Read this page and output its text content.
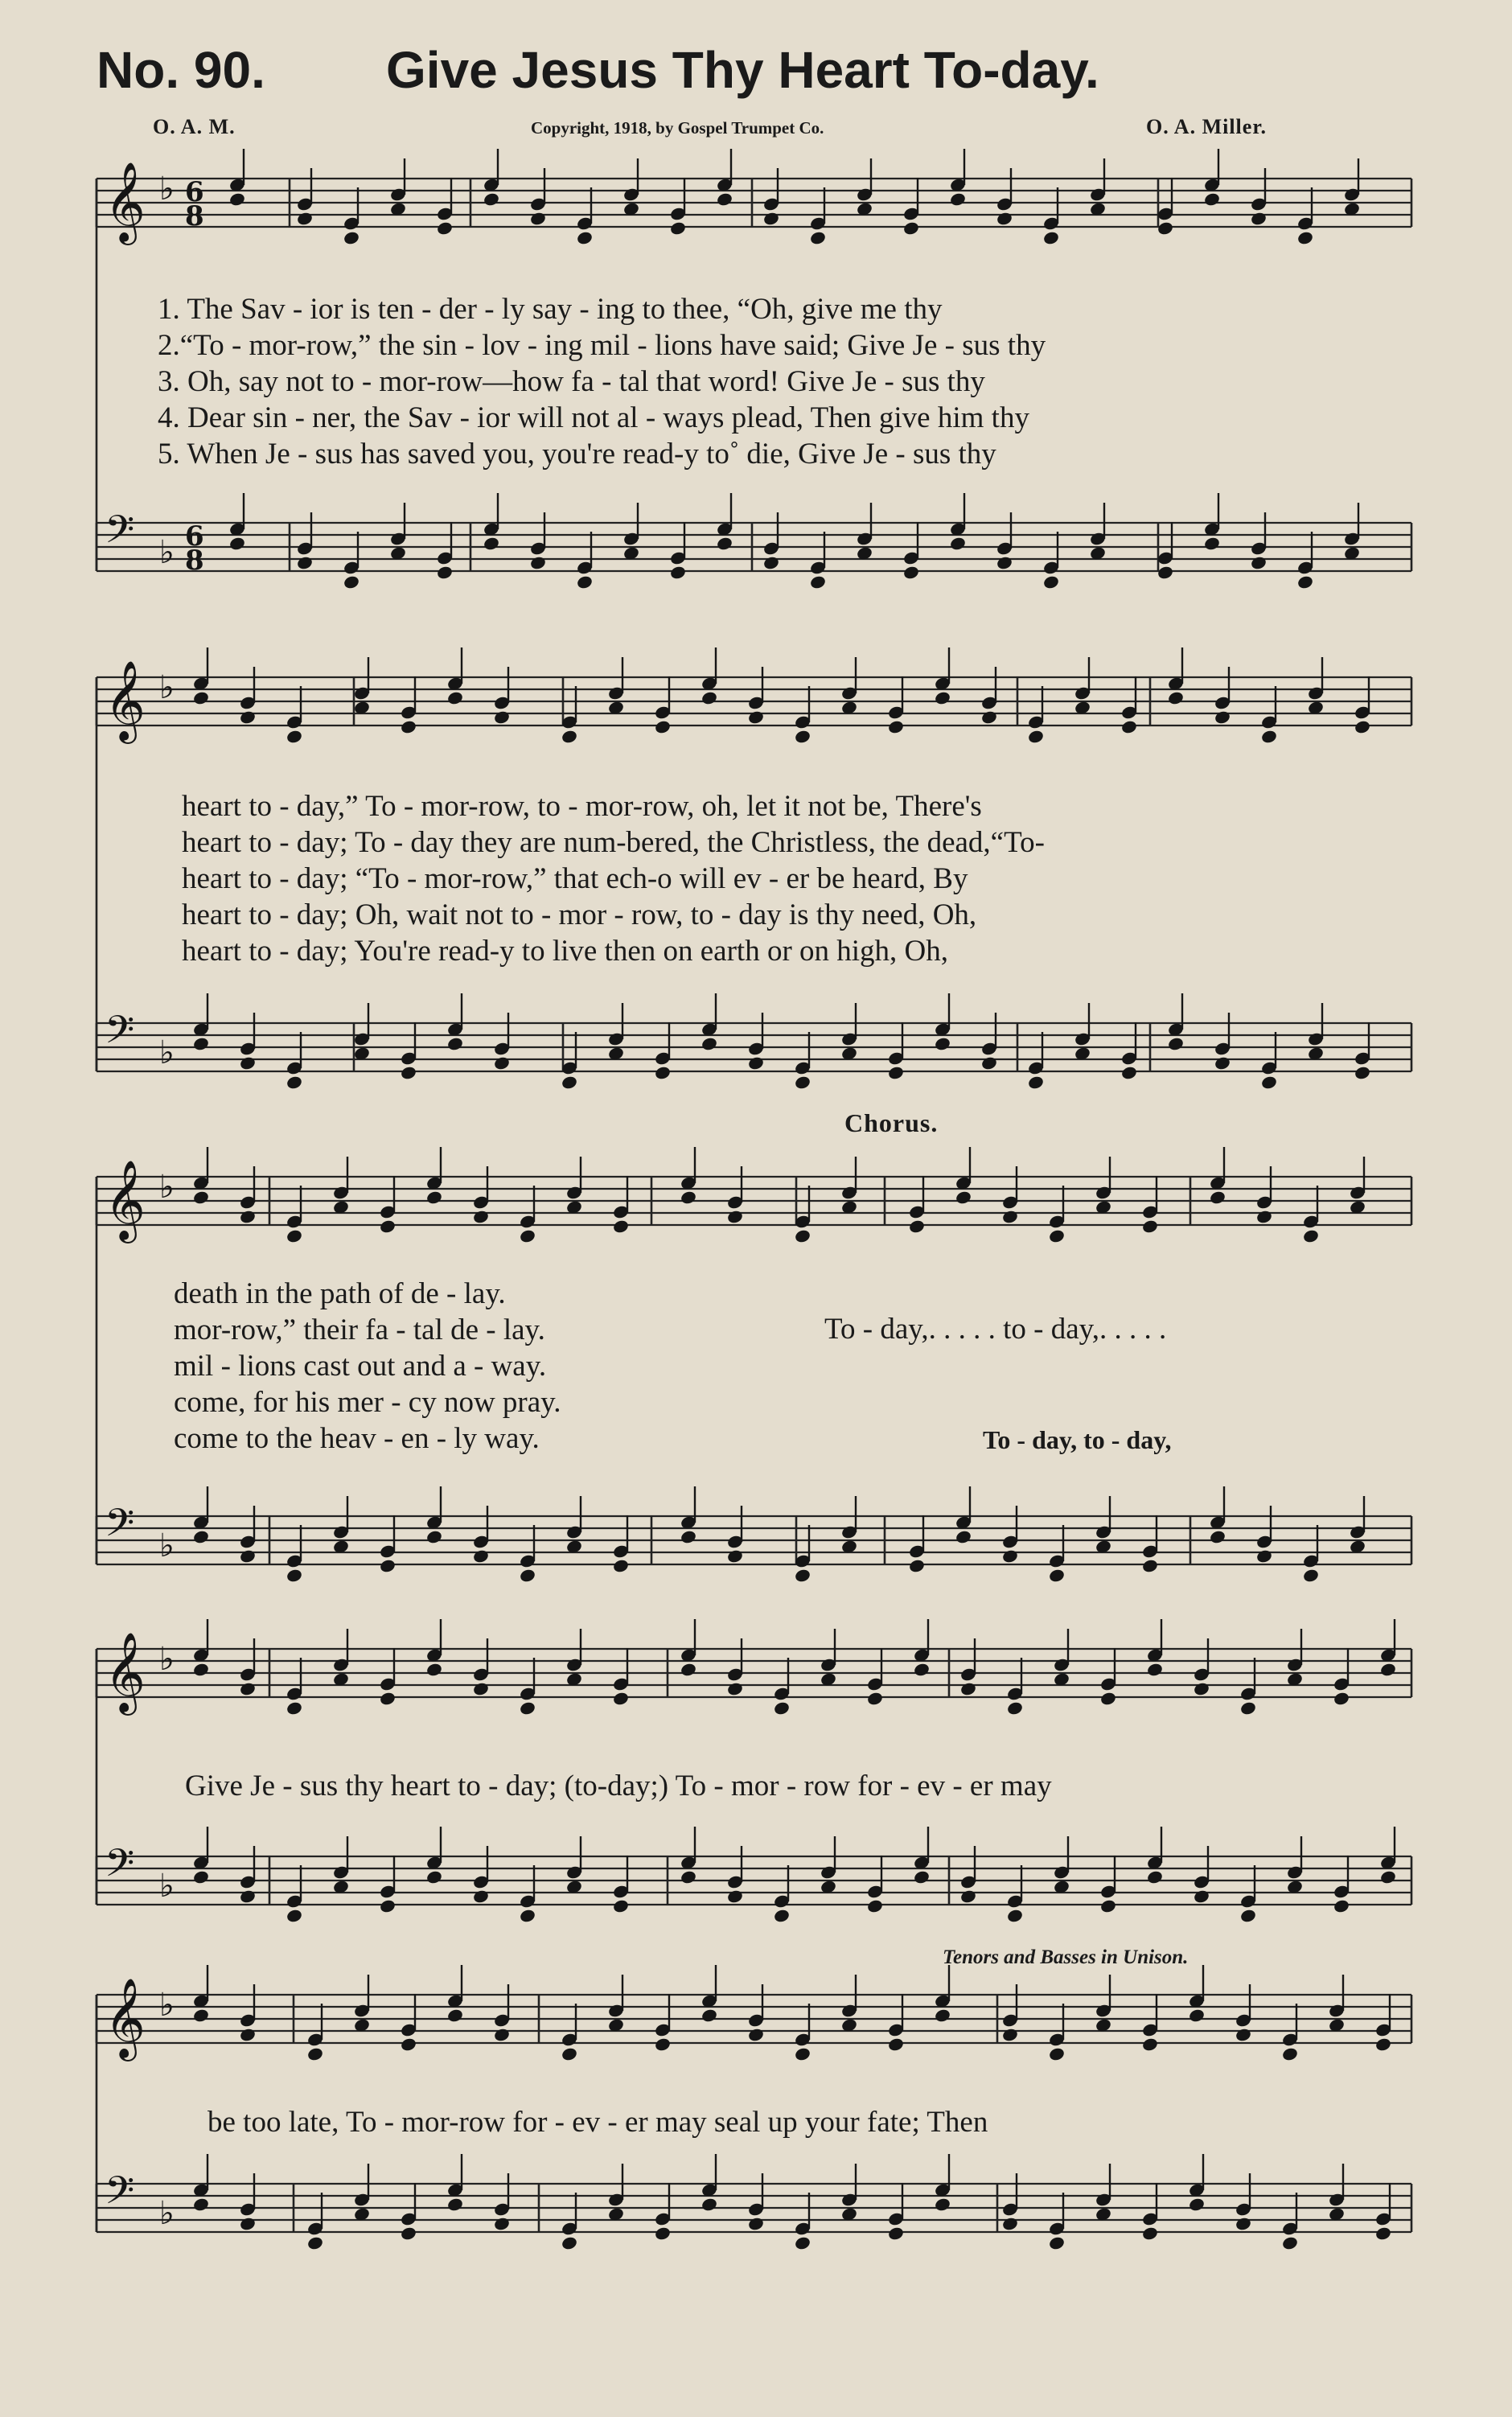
No. 90. Give Jesus Thy Heart To-day.
O. A. M.	Copyright, 1918, by Gospel Trumpet Co.	O. A. Miller.
𝄞 ♭ 6
8
𝄢 ♭ 6
8
𝄞 ♭
𝄢 ♭
𝄞 ♭
𝄢 ♭
𝄞 ♭
𝄢 ♭
𝄞 ♭
𝄢 ♭
1. The Sav - ior is ten - der - ly say - ing to thee, “Oh, give me thy
2.“To - mor-row,” the sin - lov - ing mil - lions have said; Give Je - sus thy
3. Oh, say not to - mor-row—how fa - tal that word! Give Je - sus thy
4. Dear sin - ner, the Sav - ior will not al - ways plead, Then give him thy
5. When Je - sus has saved you, you're read-y to˚ die, Give Je - sus thy
heart to - day,” To - mor-row, to - mor-row, oh, let it not be, There's
heart to - day; To - day they are num-bered, the Christless, the dead,“To-
heart to - day; “To - mor-row,” that ech-o will ev - er be heard, By
heart to - day; Oh, wait not to - mor - row, to - day is thy need, Oh,
heart to - day; You're read-y to live then on earth or on high, Oh,
Chorus.
death in the path of de - lay.
mor-row,” their fa - tal de - lay.
mil - lions cast out and a - way.
come, for his mer - cy now pray.
come to the heav - en - ly way.
To - day,. . . . . to - day,. . . . .
To - day, to - day,
Give Je - sus thy heart to - day; (to-day;) To - mor - row for - ev - er may
Tenors and Basses in Unison.
be too late, To - mor-row for - ev - er may seal up your fate; Then
